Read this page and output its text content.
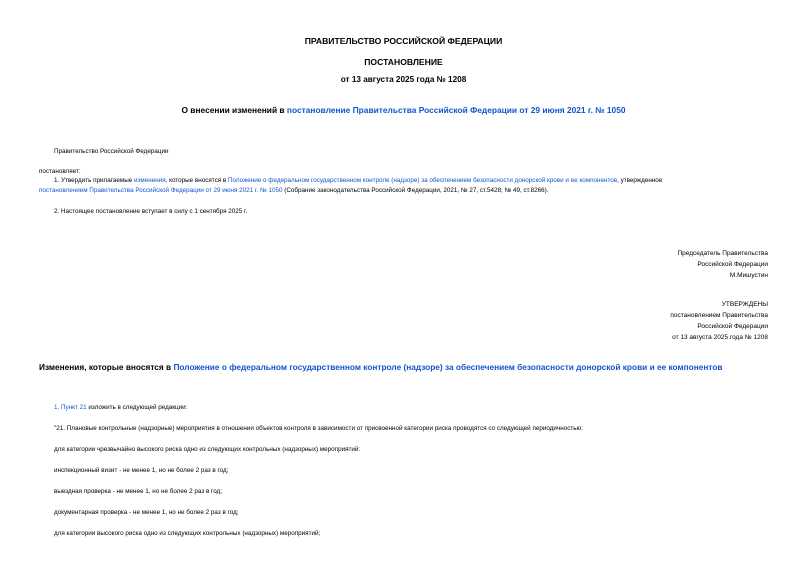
ПРАВИТЕЛЬСТВО РОССИЙСКОЙ ФЕДЕРАЦИИ
ПОСТАНОВЛЕНИЕ
от 13 августа 2025 года № 1208
О внесении изменений в постановление Правительства Российской Федерации от 29 июня 2021 г. № 1050
Правительство Российской Федерации
постановляет:
1. Утвердить прилагаемые изменения, которые вносятся в Положение о федеральном государственном контроле (надзоре) за обеспечением безопасности донорской крови и ее компонентов, утвержденное
постановлением Правительства Российской Федерации от 29 июня 2021 г. № 1050 (Собрание законодательства Российской Федерации, 2021, № 27, ст.5428; № 49, ст.8266).
2. Настоящее постановление вступает в силу с 1 сентября 2025 г.
Председатель Правительства
Российской Федерации
М.Мишустин
УТВЕРЖДЕНЫ
постановлением Правительства
Российской Федерации
от 13 августа 2025 года № 1208
Изменения, которые вносятся в Положение о федеральном государственном контроле (надзоре) за обеспечением безопасности донорской крови и ее компонентов
1. Пункт 21 изложить в следующей редакции:
"21. Плановые контрольные (надзорные) мероприятия в отношении объектов контроля в зависимости от присвоенной категории риска проводятся со следующей периодичностью:
для категории чрезвычайно высокого риска одно из следующих контрольных (надзорных) мероприятий:
инспекционный визит - не менее 1, но не более 2 раз в год;
выездная проверка - не менее 1, но не более 2 раз в год;
документарная проверка - не менее 1, но не более 2 раз в год;
для категории высокого риска одно из следующих контрольных (надзорных) мероприятий;
